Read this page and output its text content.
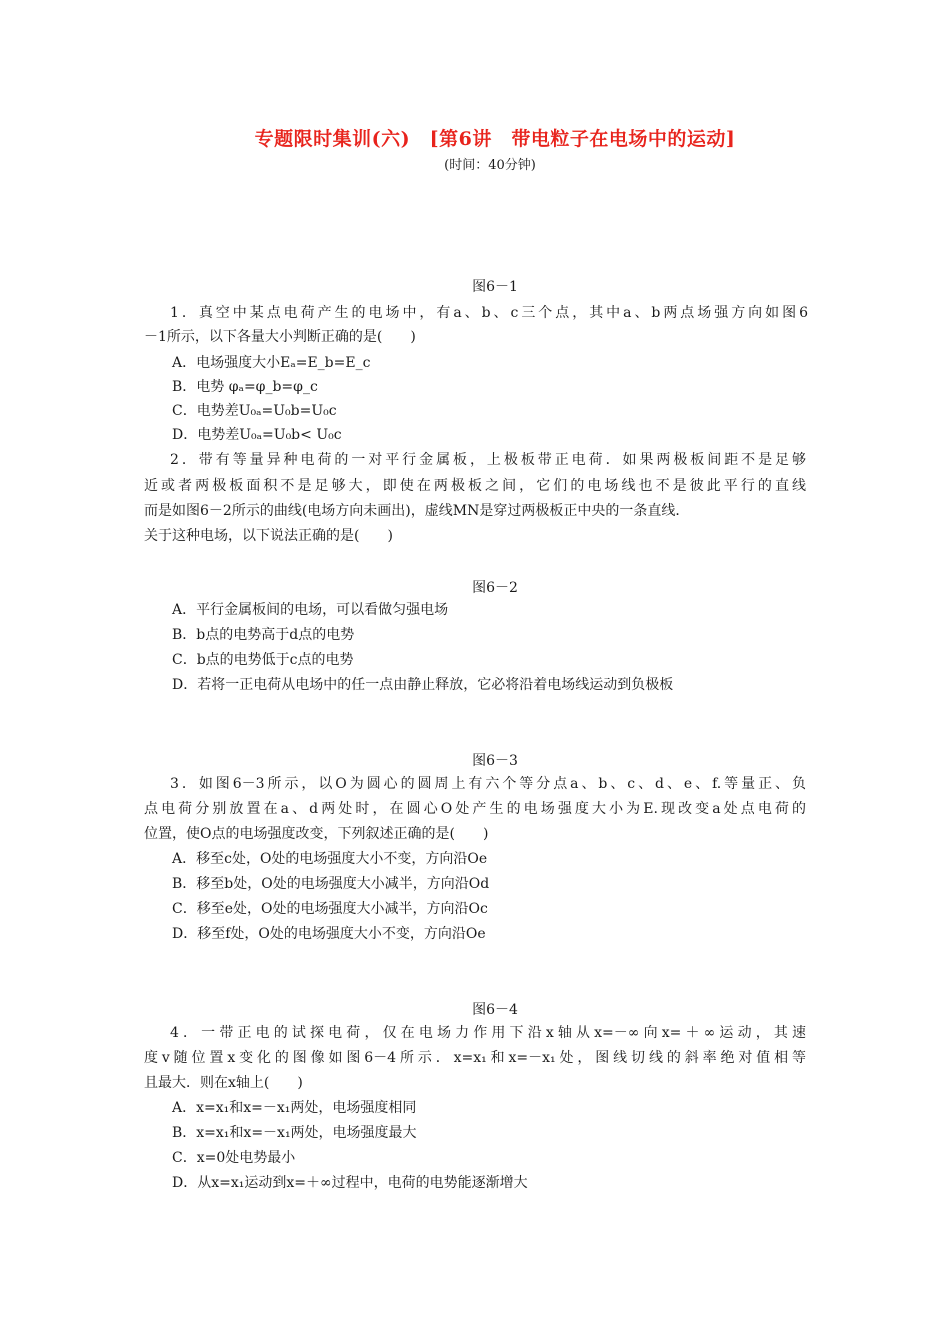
专题限时集训(六)　[第6讲　带电粒子在电场中的运动]
(时间：40分钟)
图6－1
1．真空中某点电荷产生的电场中，有a、b、c三个点，其中a、b两点场强方向如图6
－1所示，以下各量大小判断正确的是(　　)
A．电场强度大小Eₐ=E_b=E_c
B．电势 φₐ=φ_b=φ_c
C．电势差U₀ₐ=U₀b=U₀c
D．电势差U₀ₐ=U₀b< U₀c
2．带有等量异种电荷的一对平行金属板，上极板带正电荷．如果两极板间距不是足够
近或者两极板面积不是足够大，即使在两极板之间，它们的电场线也不是彼此平行的直线
而是如图6－2所示的曲线(电场方向未画出)，虚线MN是穿过两极板正中央的一条直线．
关于这种电场，以下说法正确的是(　　)
图6－2
A．平行金属板间的电场，可以看做匀强电场
B．b点的电势高于d点的电势
C．b点的电势低于c点的电势
D．若将一正电荷从电场中的任一点由静止释放，它必将沿着电场线运动到负极板
图6－3
3．如图6－3所示，以O为圆心的圆周上有六个等分点a、b、c、d、e、f.等量正、负
点电荷分别放置在a、d两处时，在圆心O处产生的电场强度大小为E.现改变a处点电荷的
位置，使O点的电场强度改变，下列叙述正确的是(　　)
A．移至c处，O处的电场强度大小不变，方向沿Oe
B．移至b处，O处的电场强度大小减半，方向沿Od
C．移至e处，O处的电场强度大小减半，方向沿Oc
D．移至f处，O处的电场强度大小不变，方向沿Oe
图6－4
4．一带正电的试探电荷，仅在电场力作用下沿x轴从x=－∞向x=＋∞运动，其速
度v随位置x变化的图像如图6－4所示．x=x₁和x=－x₁处，图线切线的斜率绝对值相等
且最大．则在x轴上(　　)
A．x=x₁和x=－x₁两处，电场强度相同
B．x=x₁和x=－x₁两处，电场强度最大
C．x=0处电势最小
D．从x=x₁运动到x=＋∞过程中，电荷的电势能逐渐增大
